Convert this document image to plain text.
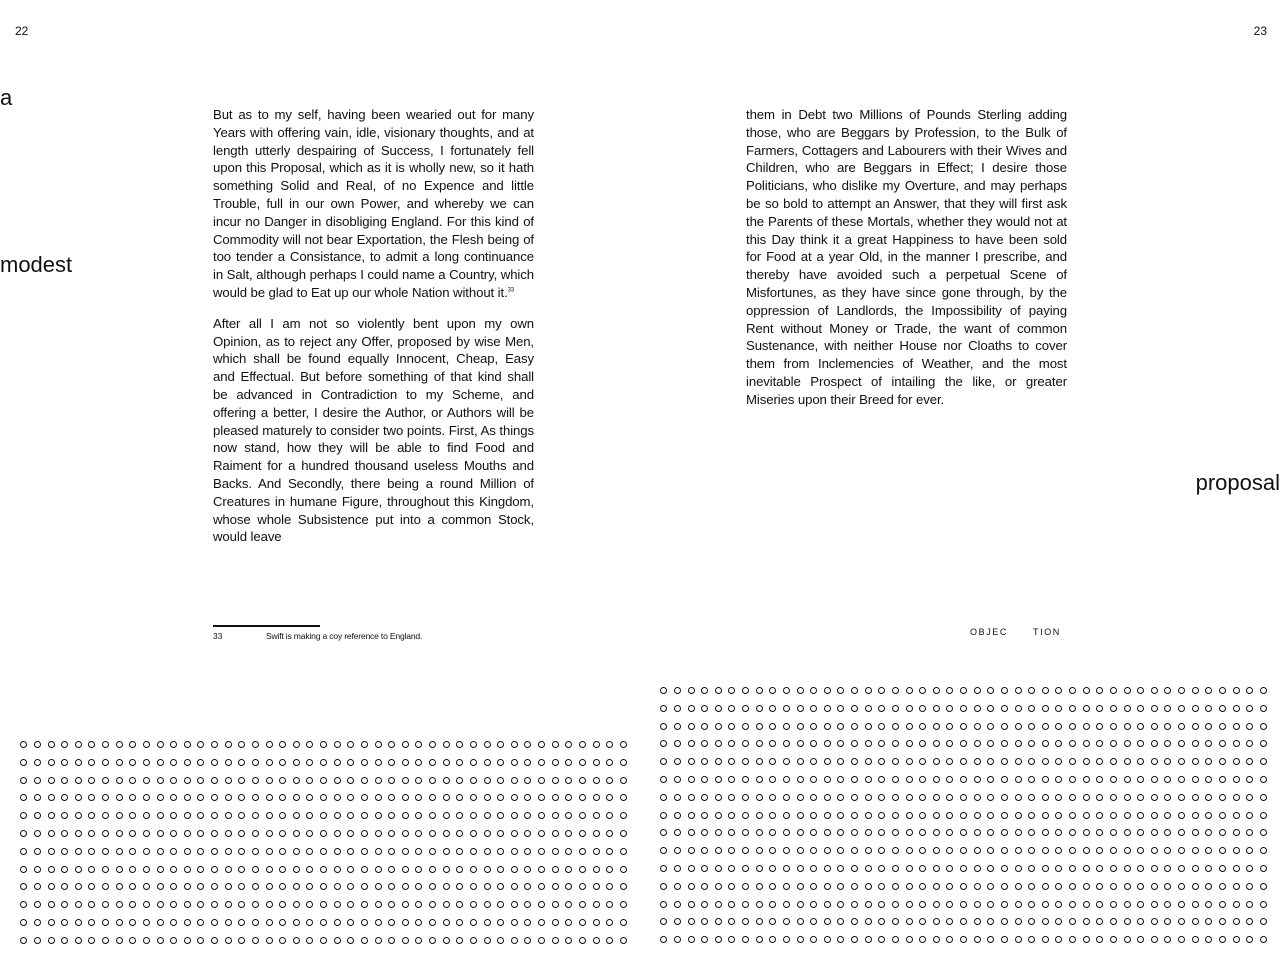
22	23
a
modest
proposal

But as to my self, having been wearied out for many Years with offering vain, idle, visionary thoughts, and at length utterly despairing of Success, I fortunately fell upon this Proposal, which as it is wholly new, so it hath something Solid and Real, of no Expence and little Trouble, full in our own Power, and whereby we can incur no Danger in disobliging England. For this kind of Commodity will not bear Exportation, the Flesh being of too tender a Consistance, to admit a long continuance in Salt, although perhaps I could name a Country, which would be glad to Eat up our whole Nation without it.$^{33}$

After all I am not so violently bent upon my own Opinion, as to reject any Offer, proposed by wise Men, which shall be found equally Innocent, Cheap, Easy and Effectual. But before something of that kind shall be advanced in Contradiction to my Scheme, and offering a better, I desire the Author, or Authors will be pleased maturely to consider two points. First, As things now stand, how they will be able to find Food and Raiment for a hundred thousand useless Mouths and Backs. And Secondly, there being a round Million of Creatures in humane Figure, throughout this Kingdom, whose whole Subsistence put into a common Stock, would leave

them in Debt two Millions of Pounds Sterling adding those, who are Beggars by Profession, to the Bulk of Farmers, Cottagers and Labourers with their Wives and Children, who are Beggars in Effect; I desire those Politicians, who dislike my Overture, and may perhaps be so bold to attempt an Answer, that they will first ask the Parents of these Mortals, whether they would not at this Day think it a great Happiness to have been sold for Food at a year Old, in the manner I prescribe, and thereby have avoided such a perpetual Scene of Misfortunes, as they have since gone through, by the oppression of Landlords, the Impossibility of paying Rent without Money or Trade, the want of common Sustenance, with neither House nor Cloaths to cover them from Inclemencies of Weather, and the most inevitable Prospect of intailing the like, or greater Miseries upon their Breed for ever.

33	Swift is making a coy reference to England.	OBJEC	TION
